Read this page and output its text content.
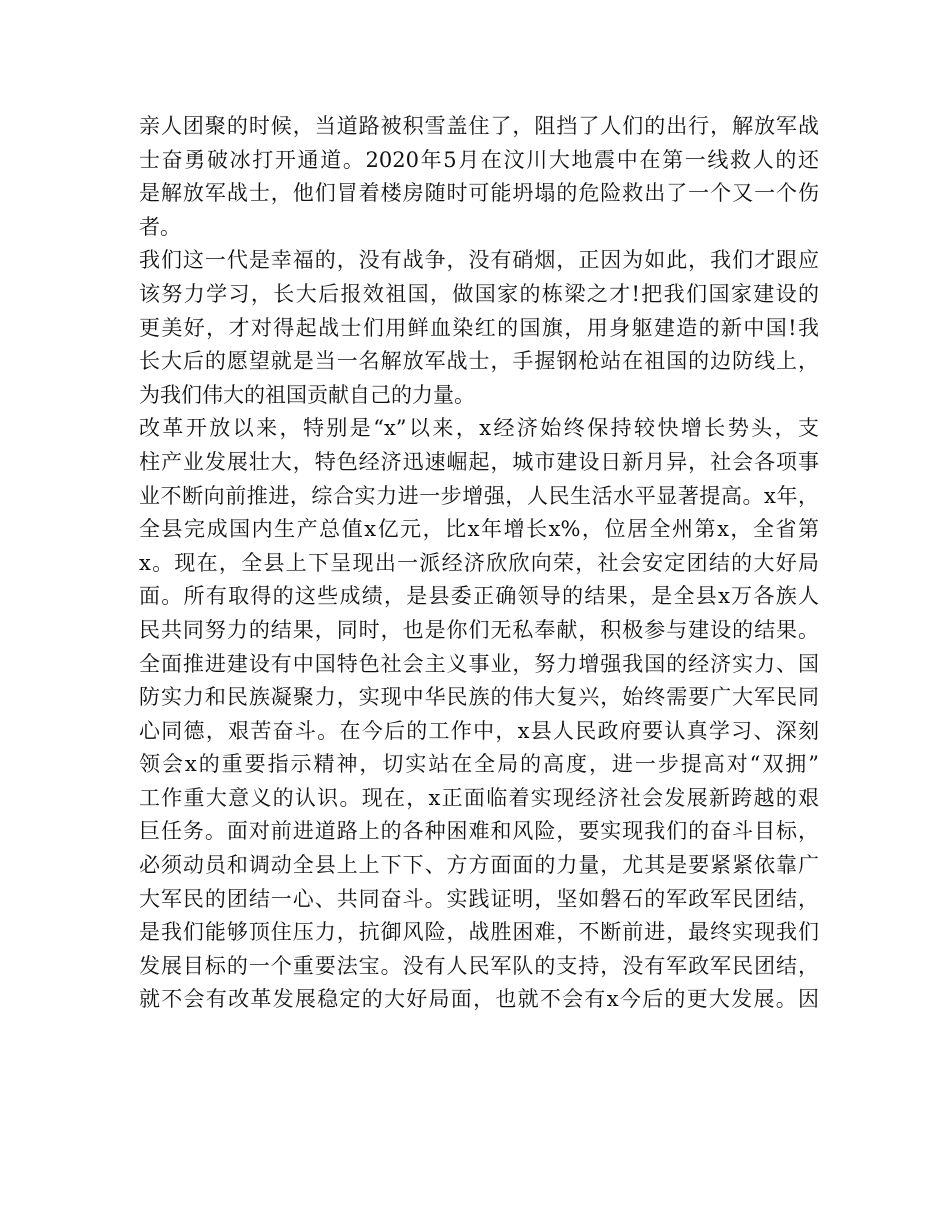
亲人团聚的时候，当道路被积雪盖住了，阻挡了人们的出行，解放军战
士奋勇破冰打开通道。2020年5月在汶川大地震中在第一线救人的还
是解放军战士，他们冒着楼房随时可能坍塌的危险救出了一个又一个伤
者。
我们这一代是幸福的，没有战争，没有硝烟，正因为如此，我们才跟应
该努力学习，长大后报效祖国，做国家的栋梁之才!把我们国家建设的
更美好，才对得起战士们用鲜血染红的国旗，用身躯建造的新中国!我
长大后的愿望就是当一名解放军战士，手握钢枪站在祖国的边防线上，
为我们伟大的祖国贡献自己的力量。
改革开放以来，特别是“x”以来，x经济始终保持较快增长势头，支
柱产业发展壮大，特色经济迅速崛起，城市建设日新月异，社会各项事
业不断向前推进，综合实力进一步增强，人民生活水平显著提高。x年，
全县完成国内生产总值x亿元，比x年增长x%，位居全州第x，全省第
x。现在，全县上下呈现出一派经济欣欣向荣，社会安定团结的大好局
面。所有取得的这些成绩，是县委正确领导的结果，是全县x万各族人
民共同努力的结果，同时，也是你们无私奉献，积极参与建设的结果。
全面推进建设有中国特色社会主义事业，努力增强我国的经济实力、国
防实力和民族凝聚力，实现中华民族的伟大复兴，始终需要广大军民同
心同德，艰苦奋斗。在今后的工作中，x县人民政府要认真学习、深刻
领会x的重要指示精神，切实站在全局的高度，进一步提高对“双拥”
工作重大意义的认识。现在，x正面临着实现经济社会发展新跨越的艰
巨任务。面对前进道路上的各种困难和风险，要实现我们的奋斗目标，
必须动员和调动全县上上下下、方方面面的力量，尤其是要紧紧依靠广
大军民的团结一心、共同奋斗。实践证明，坚如磐石的军政军民团结，
是我们能够顶住压力，抗御风险，战胜困难，不断前进，最终实现我们
发展目标的一个重要法宝。没有人民军队的支持，没有军政军民团结，
就不会有改革发展稳定的大好局面，也就不会有x今后的更大发展。因
